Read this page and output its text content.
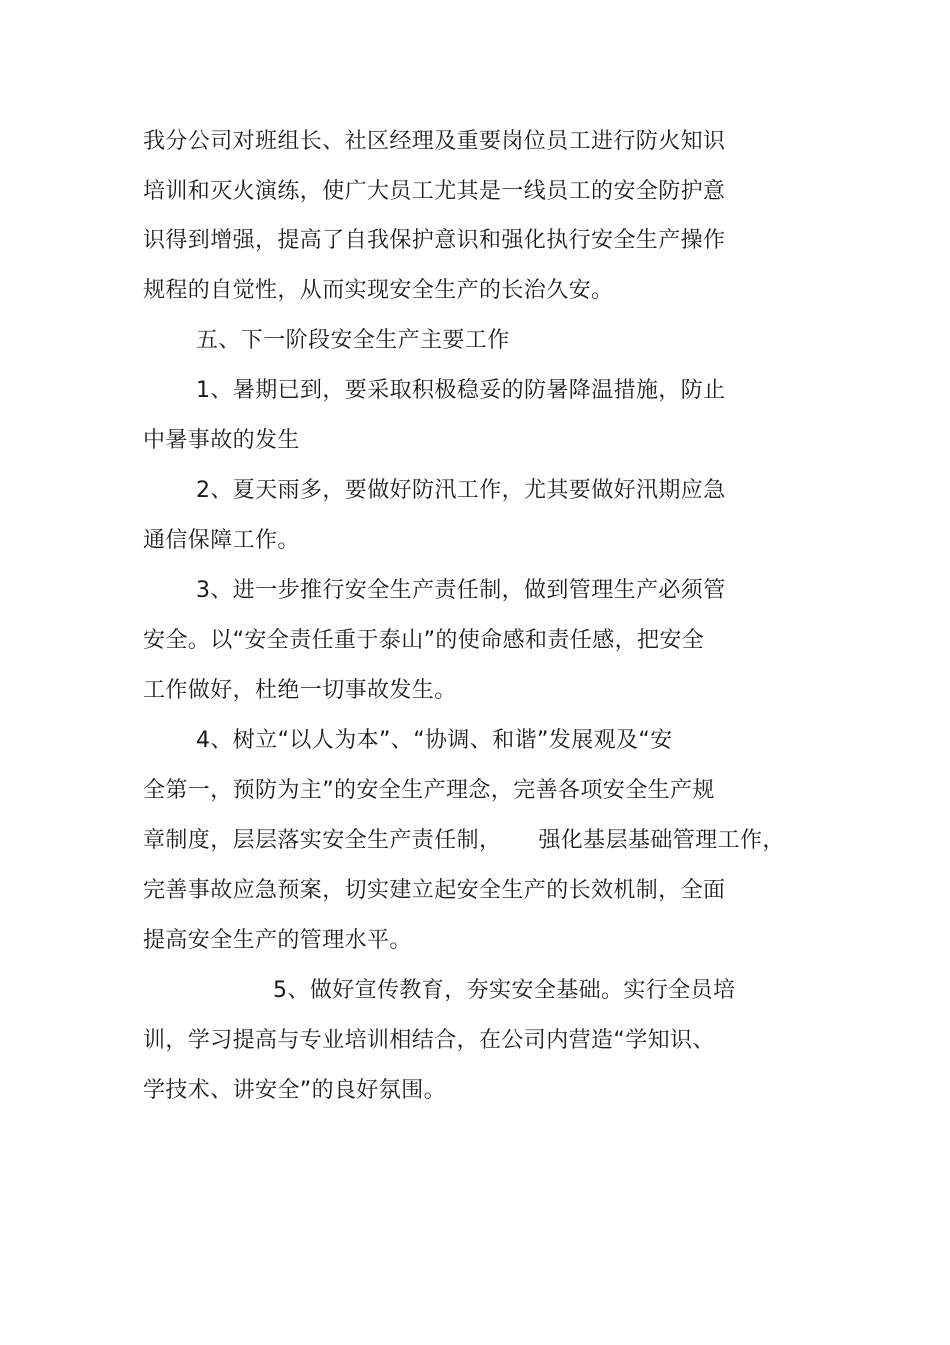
我分公司对班组长、社区经理及重要岗位员工进行防火知识
培训和灭火演练，使广大员工尤其是一线员工的安全防护意
识得到增强，提高了自我保护意识和强化执行安全生产操作
规程的自觉性，从而实现安全生产的长治久安。
五、下一阶段安全生产主要工作
1、暑期已到，要采取积极稳妥的防暑降温措施，防止
中暑事故的发生
2、夏天雨多，要做好防汛工作，尤其要做好汛期应急
通信保障工作。
3、进一步推行安全生产责任制，做到管理生产必须管
安全。以“安全责任重于泰山”的使命感和责任感，把安全
工作做好，杜绝一切事故发生。
4、树立“以人为本”、“协调、和谐”发展观及“安
全第一，预防为主”的安全生产理念，完善各项安全生产规
章制度，层层落实安全生产责任制，     强化基层基础管理工作，
完善事故应急预案，切实建立起安全生产的长效机制，全面
提高安全生产的管理水平。
5、做好宣传教育，夯实安全基础。实行全员培
训，学习提高与专业培训相结合，在公司内营造“学知识、
学技术、讲安全”的良好氛围。
